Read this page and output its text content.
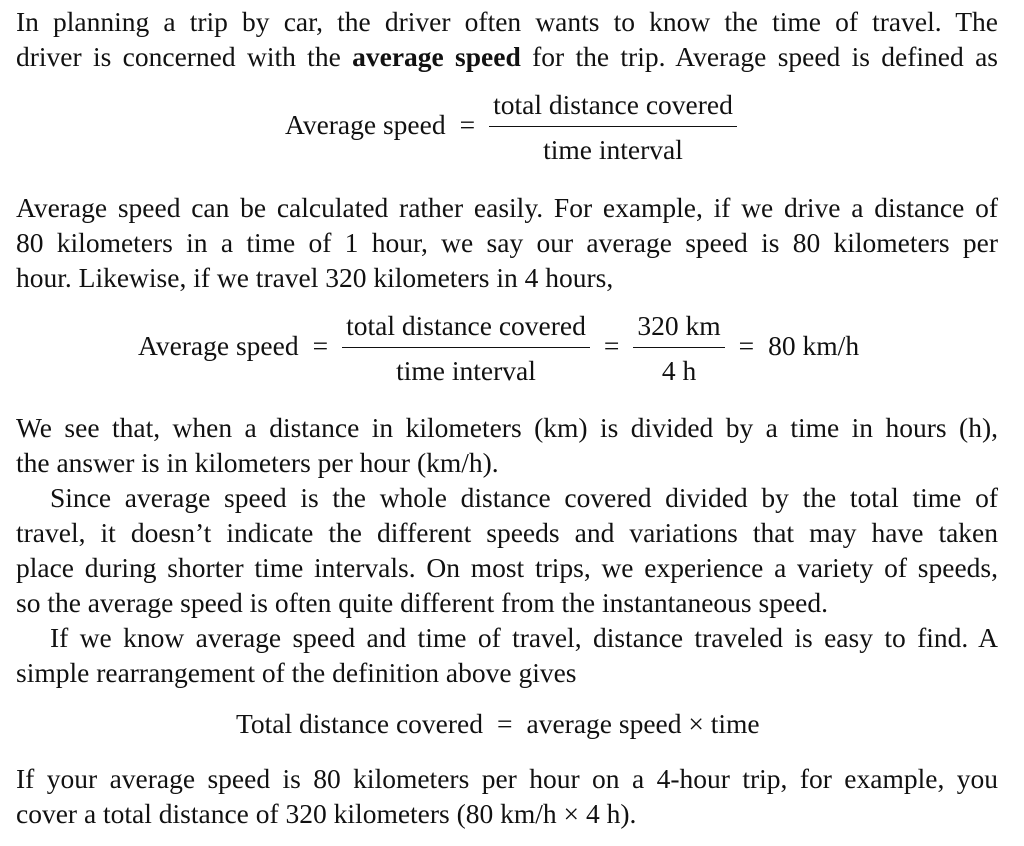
In planning a trip by car, the driver often wants to know the time of travel. The
driver is concerned with the average speed for the trip. Average speed is defined as
Average speed = $\frac{\text{total distance covered}}{\text{time interval}}$
Average speed can be calculated rather easily. For example, if we drive a distance of
80 kilometers in a time of 1 hour, we say our average speed is 80 kilometers per
hour. Likewise, if we travel 320 kilometers in 4 hours,
Average speed = $\frac{\text{total distance covered}}{\text{time interval}} = \frac{320 km}{4 h} = 80$ km/h
We see that, when a distance in kilometers (km) is divided by a time in hours (h),
the answer is in kilometers per hour (km/h).
Since average speed is the whole distance covered divided by the total time of
travel, it doesn’t indicate the different speeds and variations that may have taken
place during shorter time intervals. On most trips, we experience a variety of speeds,
so the average speed is often quite different from the instantaneous speed.
If we know average speed and time of travel, distance traveled is easy to find. A
simple rearrangement of the definition above gives
Total distance covered = average speed × time
If your average speed is 80 kilometers per hour on a 4-hour trip, for example, you
cover a total distance of 320 kilometers (80 km/h × 4 h).
